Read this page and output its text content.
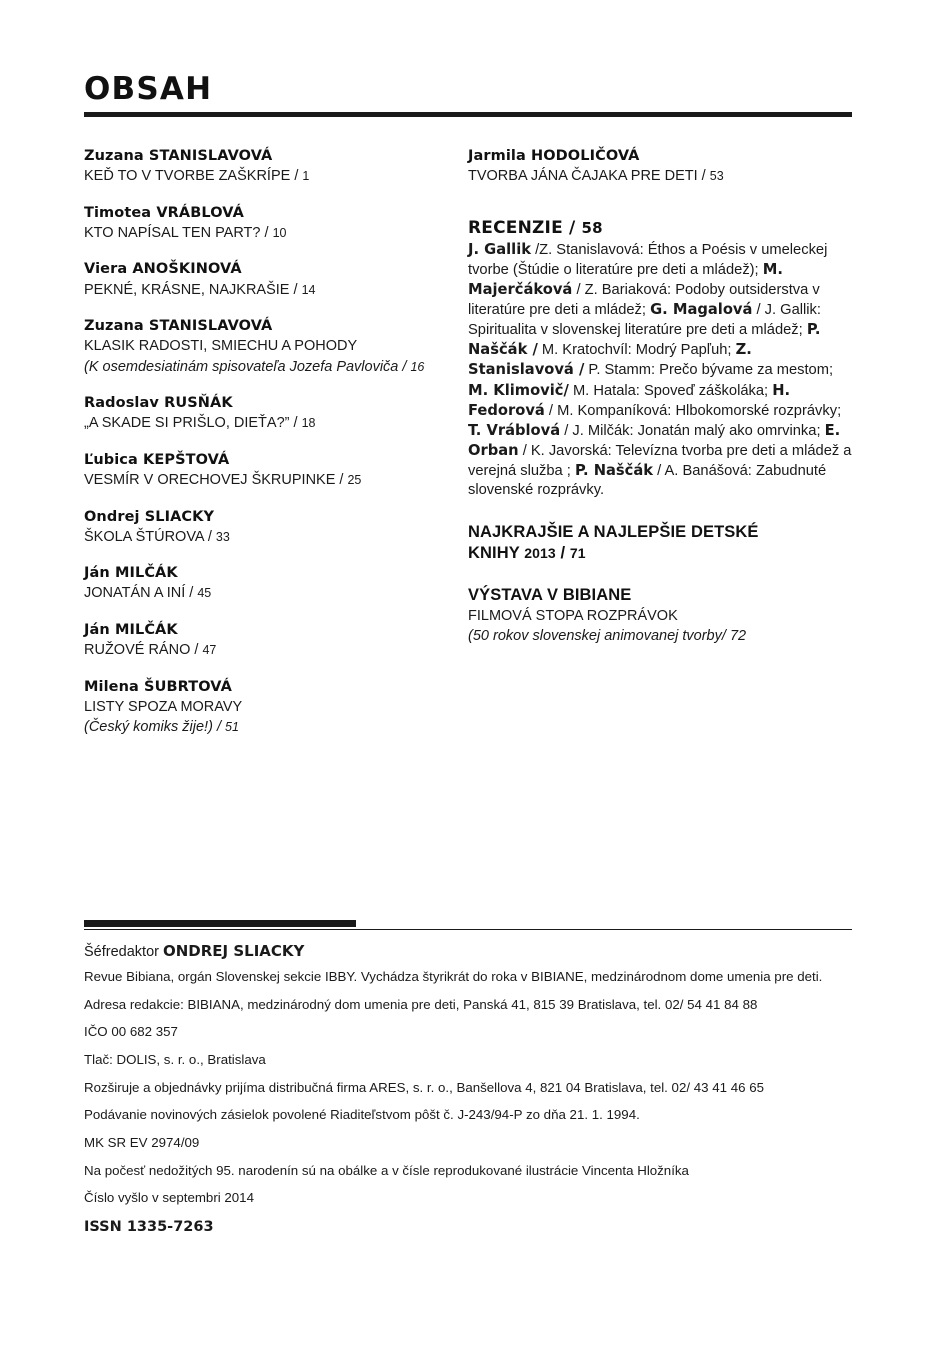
OBSAH
Zuzana STANISLAVOVÁ
KEĎ TO V TVORBE ZAŠKRÍPE / 1
Timotea VRÁBLOVÁ
KTO NAPÍSAL TEN PART? / 10
Viera ANOŠKINOVÁ
PEKNÉ, KRÁSNE, NAJKRAŠIE / 14
Zuzana STANISLAVOVÁ
KLASIK RADOSTI, SMIECHU A POHODY
(K osemdesiatinám spisovateľa Jozefa Pavloviča / 16
Radoslav RUSŇÁK
„A SKADE SI PRIŠLO, DIEŤA?” / 18
Ľubica KEPŠTOVÁ
VESMÍR V ORECHOVEJ ŠKRUPINKE / 25
Ondrej SLIACKY
ŠKOLA ŠTÚROVA / 33
Ján MILČÁK
JONATÁN A INÍ / 45
Ján MILČÁK
RUŽOVÉ RÁNO / 47
Milena ŠUBRTOVÁ
LISTY SPOZA MORAVY
(Český komiks žije!) / 51
Jarmila HODOLIČOVÁ
TVORBA JÁNA ČAJAKA PRE DETI / 53
RECENZIE / 58
J. Gallik /Z. Stanislavová: Éthos a Poésis v umeleckej tvorbe (Štúdie o literatúre pre deti a mládež); M. Majerčáková / Z. Bariaková: Podoby outsiderstva v literatúre pre deti a mládež; G. Magalová / J. Gallik: Spiritualita v slovenskej literatúre pre deti a mládež; P. Naščák / M. Kratochvíl: Modrý Papľuh; Z. Stanislavová / P. Stamm: Prečo bývame za mestom; M. Klimovič/ M. Hatala: Spoveď záškoláka; H. Fedorová / M. Kompaníková: Hlbokomorské rozprávky; T. Vráblová / J. Milčák: Jonatán malý ako omrvinka; E. Orban / K. Javorská: Televízna tvorba pre deti a mládež a verejná služba ; P. Naščák / A. Banášová: Zabudnuté slovenské rozprávky.
NAJKRAJŠIE A NAJLEPŠIE DETSKÉ
KNIHY 2013 / 71
VÝSTAVA V BIBIANE
FILMOVÁ STOPA ROZPRÁVOK
(50 rokov slovenskej animovanej tvorby/ 72
Šéfredaktor ONDREJ SLIACKY

Revue Bibiana, orgán Slovenskej sekcie IBBY. Vychádza štyrikrát do roka v BIBIANE, medzinárodnom dome umenia pre deti.

Adresa redakcie: BIBIANA, medzinárodný dom umenia pre deti, Panská 41, 815 39 Bratislava, tel. 02/ 54 41 84 88

IČO 00 682 357

Tlač: DOLIS, s. r. o., Bratislava

Rozširuje a objednávky prijíma distribučná firma ARES, s. r. o., Banšellova 4, 821 04 Bratislava, tel. 02/ 43 41 46 65

Podávanie novinových zásielok povolené Riaditeľstvom pôšt č. J-243/94-P zo dňa 21. 1. 1994.

MK SR EV 2974/09

Na počesť nedožitých 95. narodenín sú na obálke a v čísle reprodukované ilustrácie Vincenta Hložníka

Číslo vyšlo v septembri 2014

ISSN 1335-7263
